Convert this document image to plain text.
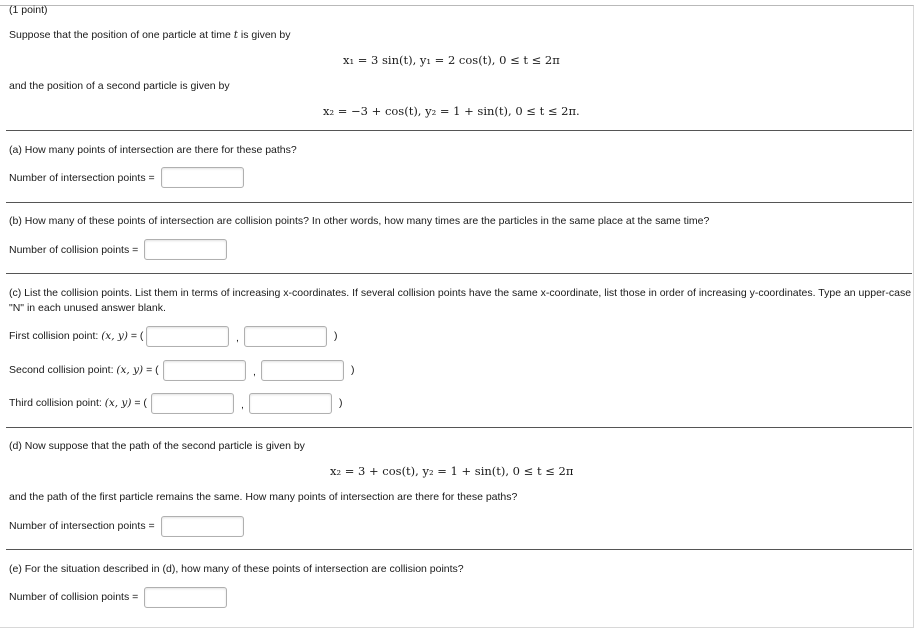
(1 point)
Suppose that the position of one particle at time t is given by
x₁ = 3 sin(t), y₁ = 2 cos(t), 0 ≤ t ≤ 2π
and the position of a second particle is given by
x₂ = −3 + cos(t), y₂ = 1 + sin(t), 0 ≤ t ≤ 2π.
(a) How many points of intersection are there for these paths?
Number of intersection points =
(b) How many of these points of intersection are collision points? In other words, how many times are the particles in the same place at the same time?
Number of collision points =
(c) List the collision points. List them in terms of increasing x-coordinates. If several collision points have the same x-coordinate, list those in order of increasing y-coordinates. Type an upper-case
"N" in each unused answer blank.
First collision point: (x, y) = (	,	)
Second collision point: (x, y) = (	,	)
Third collision point: (x, y) = (	,	)
(d) Now suppose that the path of the second particle is given by
x₂ = 3 + cos(t), y₂ = 1 + sin(t), 0 ≤ t ≤ 2π
and the path of the first particle remains the same. How many points of intersection are there for these paths?
Number of intersection points =
(e) For the situation described in (d), how many of these points of intersection are collision points?
Number of collision points =
